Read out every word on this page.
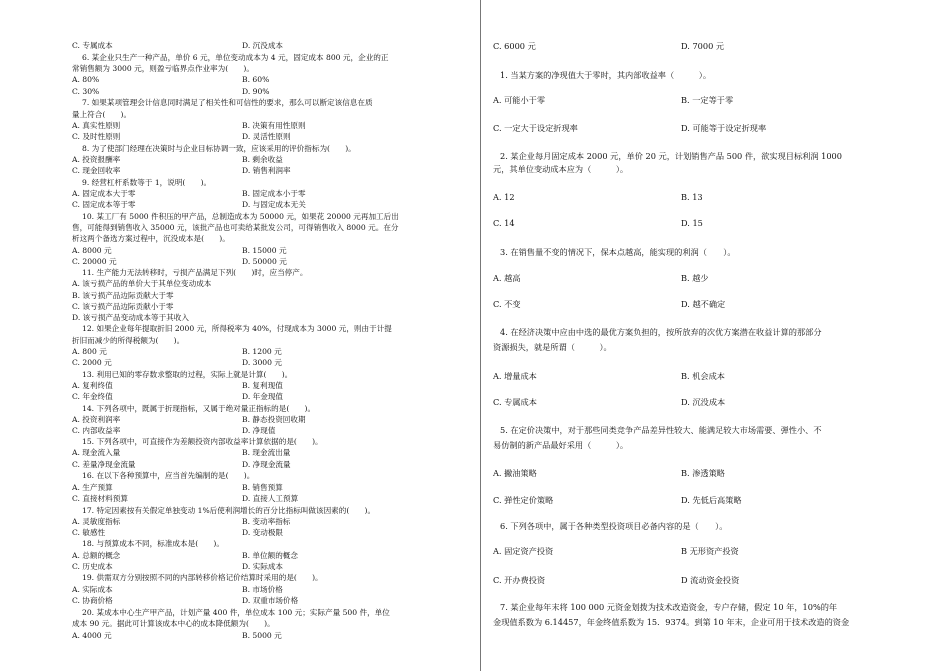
C. 专属成本	D. 沉没成本
6. 某企业只生产一种产品，单价 6 元，单位变动成本为 4 元，固定成本 800 元，企业的正
常销售额为 3000 元，则盈亏临界点作业率为(　　)。
A. 80%	B. 60%
C. 30%	D. 90%
7. 如果某项管理会计信息同时满足了相关性和可信性的要求，那么可以断定该信息在质
量上符合(　　)。
A. 真实性原则	B. 决策有用性原则
C. 及时性原则	D. 灵活性原则
8. 为了使部门经理在决策时与企业目标协调一致，应该采用的评价指标为(　　)。
A. 投资报酬率	B. 剩余收益
C. 现金回收率	D. 销售利润率
9. 经营杠杆系数等于 1，说明(　　)。
A. 固定成本大于零	B. 固定成本小于零
C. 固定成本等于零	D. 与固定成本无关
10. 某工厂有 5000 件积压的甲产品，总制造成本为 50000 元，如果花 20000 元再加工后出
售，可能得到销售收入 35000 元，该批产品也可卖给某批发公司，可得销售收入 8000 元。在分
析这两个备选方案过程中，沉没成本是(　　)。
A. 8000 元	B. 15000 元
C. 20000 元	D. 50000 元
11. 生产能力无法转移时，亏损产品满足下列(　　)时，应当停产。
A. 该亏损产品的单价大于其单位变动成本
B. 该亏损产品边际贡献大于零
C. 该亏损产品边际贡献小于零
D. 该亏损产品变动成本等于其收入
12. 如果企业每年提取折旧 2000 元，所得税率为 40%，付现成本为 3000 元，则由于计提
折旧而减少的所得税额为(　　)。
A. 800 元	B. 1200 元
C. 2000 元	D. 3000 元
13. 利用已知的零存数求整取的过程，实际上就是计算(　　)。
A. 复利终值	B. 复利现值
C. 年金终值	D. 年金现值
14. 下列各项中，既属于折现指标，又属于绝对量正指标的是(　　)。
A. 投资利润率	B. 静态投资回收期
C. 内部收益率	D. 净现值
15. 下列各项中，可直接作为差额投资内部收益率计算依据的是(　　)。
A. 现金流入量	B. 现金流出量
C. 差量净现金流量	D. 净现金流量
16. 在以下各种预算中，应当首先编制的是(　　)。
A. 生产预算	B. 销售预算
C. 直接材料预算	D. 直接人工预算
17. 特定因素按有关假定单独变动 1%后使利润增长的百分比指标叫做该因素的(　　)。
A. 灵敏度指标	B. 变动率指标
C. 敏感性	D. 变动极限
18. 与预算成本不同，标准成本是(　　)。
A. 总额的概念	B. 单位额的概念
C. 历史成本	D. 实际成本
19. 供需双方分别按照不同的内部转移价格记价结算时采用的是(　　)。
A. 实际成本	B. 市场价格
C. 协商价格	D. 双重市场价格
20. 某成本中心生产甲产品，计划产量 400 件，单位成本 100 元；实际产量 500 件，单位
成本 90 元。据此可计算该成本中心的成本降低额为(　　)。
A. 4000 元	B. 5000 元
C. 6000 元	D. 7000 元
1. 当某方案的净现值大于零时，其内部收益率（　　　）。
A. 可能小于零	B. 一定等于零
C. 一定大于设定折现率	D. 可能等于设定折现率
2. 某企业每月固定成本 2000 元，单价 20 元，计划销售产品 500 件，欲实现目标利润 1000
元，其单位变动成本应为（　　　）。
A. 12	B. 13
C. 14	D. 15
3. 在销售量不变的情况下，保本点越高，能实现的利润（　　）。
A. 越高	B. 越少
C. 不变	D. 越不确定
4. 在经济决策中应由中选的最优方案负担的，按所放弃的次优方案潜在收益计算的那部分
资源损失，就是所谓（　　　）。
A. 增量成本	B. 机会成本
C. 专属成本	D. 沉没成本
5. 在定价决策中，对于那些同类竞争产品差异性较大、能满足较大市场需要、弹性小、不
易仿制的新产品最好采用（　　　）。
A. 撇油策略	B. 渗透策略
C. 弹性定价策略	D. 先低后高策略
6. 下列各项中，属于各种类型投资项目必备内容的是（　　）。
A. 固定资产投资	B 无形资产投资
C. 开办费投资	D 流动资金投资
7. 某企业每年末将 100 000 元资金划拨为技术改造资金，专户存储，假定 10 年，10%的年
金现值系数为 6.14457，年金终值系数为 15．9374。到第 10 年末，企业可用于技术改造的资金
